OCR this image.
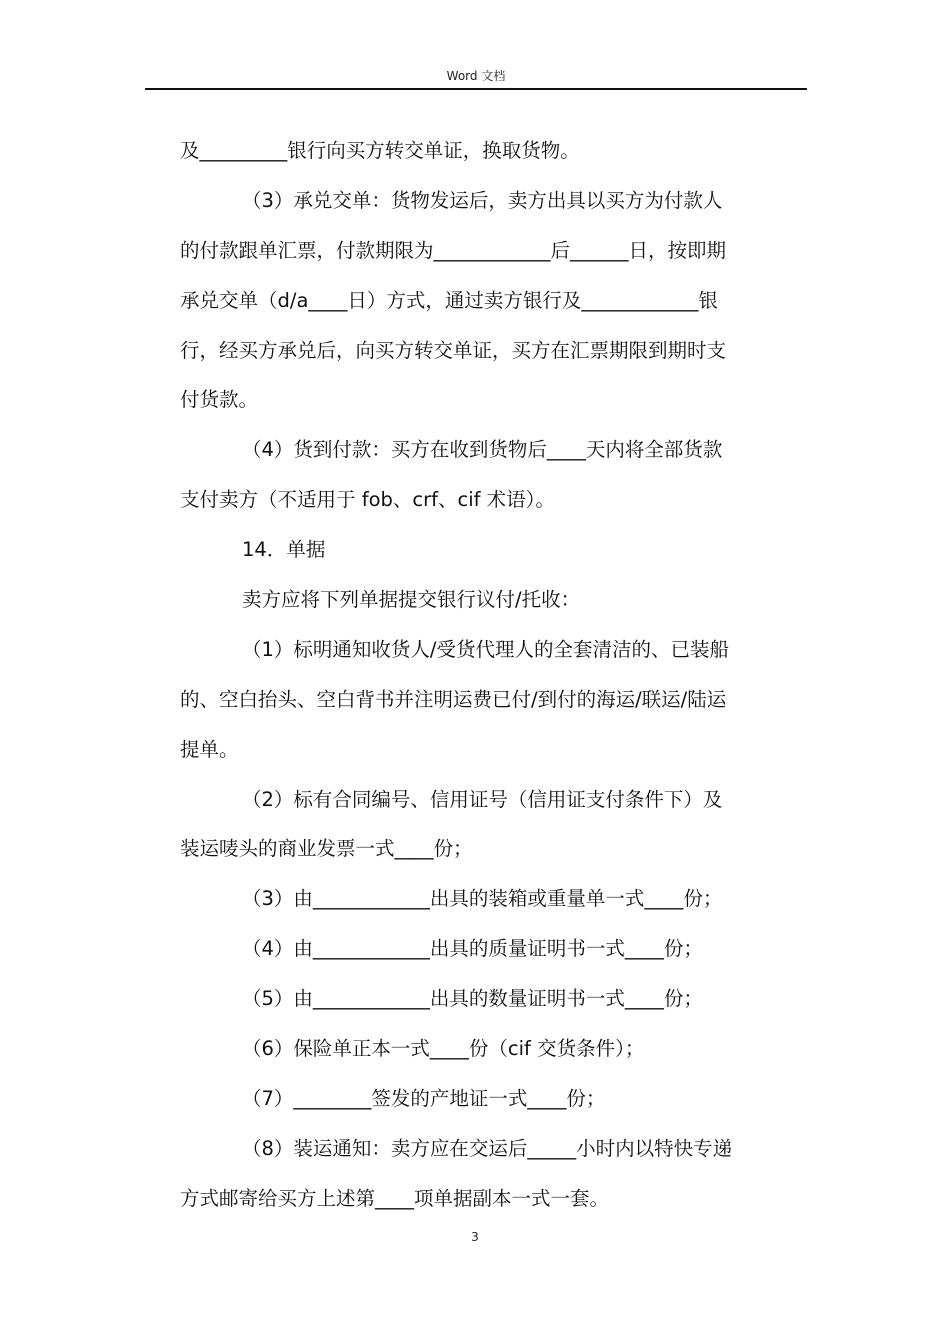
Word 文档
及_________银行向买方转交单证，换取货物。
（3）承兑交单：货物发运后，卖方出具以买方为付款人
的付款跟单汇票，付款期限为____________后______日，按即期
承兑交单（d/a____日）方式，通过卖方银行及____________银
行，经买方承兑后，向买方转交单证，买方在汇票期限到期时支
付货款。
（4）货到付款：买方在收到货物后____天内将全部货款
支付卖方（不适用于 fob、crf、cif 术语）。
14．单据
卖方应将下列单据提交银行议付/托收：
（1）标明通知收货人/受货代理人的全套清洁的、已装船
的、空白抬头、空白背书并注明运费已付/到付的海运/联运/陆运
提单。
（2）标有合同编号、信用证号（信用证支付条件下）及
装运唛头的商业发票一式____份；
（3）由____________出具的装箱或重量单一式____份；
（4）由____________出具的质量证明书一式____份；
（5）由____________出具的数量证明书一式____份；
（6）保险单正本一式____份（cif 交货条件）；
（7）________签发的产地证一式____份；
（8）装运通知：卖方应在交运后_____小时内以特快专递
方式邮寄给买方上述第____项单据副本一式一套。
3
